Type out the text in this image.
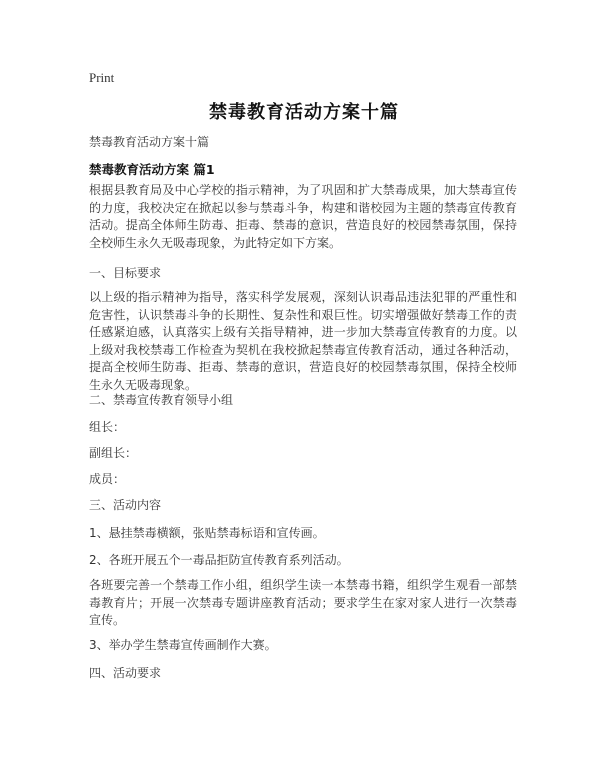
Print
禁毒教育活动方案十篇
禁毒教育活动方案十篇
禁毒教育活动方案 篇1
根据县教育局及中心学校的指示精神，为了巩固和扩大禁毒成果，加大禁毒宣传的力度，我校决定在掀起以参与禁毒斗争，构建和谐校园为主题的禁毒宣传教育活动。提高全体师生防毒、拒毒、禁毒的意识，营造良好的校园禁毒氛围，保持全校师生永久无吸毒现象，为此特定如下方案。
一、目标要求
以上级的指示精神为指导，落实科学发展观，深刻认识毒品违法犯罪的严重性和危害性，认识禁毒斗争的长期性、复杂性和艰巨性。切实增强做好禁毒工作的责任感紧迫感，认真落实上级有关指导精神，进一步加大禁毒宣传教育的力度。以上级对我校禁毒工作检查为契机在我校掀起禁毒宣传教育活动，通过各种活动，提高全校师生防毒、拒毒、禁毒的意识，营造良好的校园禁毒氛围，保持全校师生永久无吸毒现象。
二、禁毒宣传教育领导小组
组长：
副组长：
成员：
三、活动内容
1、悬挂禁毒横额，张贴禁毒标语和宣传画。
2、各班开展五个一毒品拒防宣传教育系列活动。
各班要完善一个禁毒工作小组，组织学生读一本禁毒书籍，组织学生观看一部禁毒教育片；开展一次禁毒专题讲座教育活动；要求学生在家对家人进行一次禁毒宣传。
3、举办学生禁毒宣传画制作大赛。
四、活动要求
